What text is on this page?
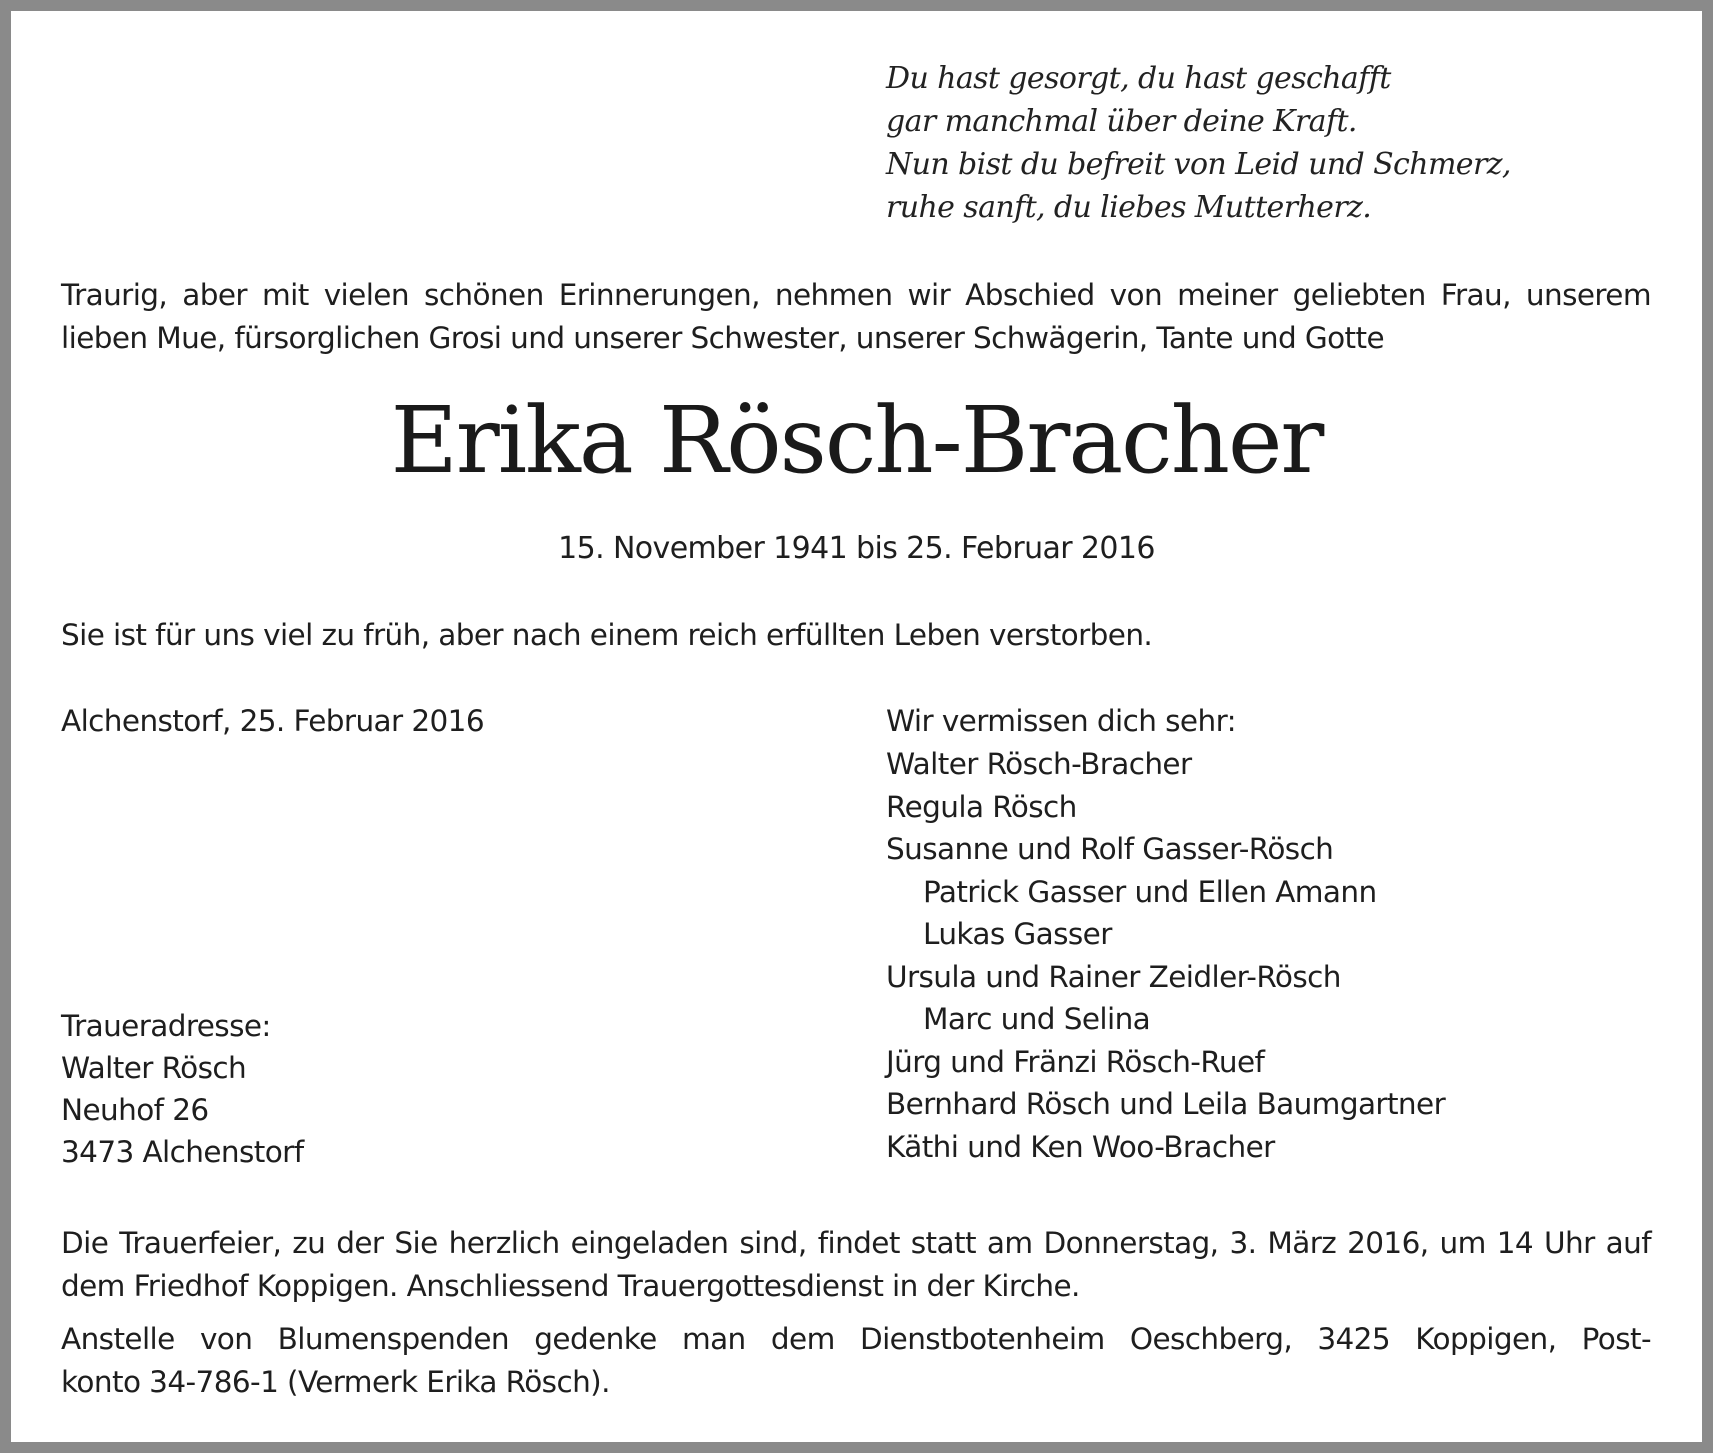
Du hast gesorgt, du hast geschafft
gar manchmal über deine Kraft.
Nun bist du befreit von Leid und Schmerz,
ruhe sanft, du liebes Mutterherz.
Traurig, aber mit vielen schönen Erinnerungen, nehmen wir Abschied von meiner geliebten Frau, unserem
lieben Mue, fürsorglichen Grosi und unserer Schwester, unserer Schwägerin, Tante und Gotte
Erika Rösch-Bracher
15. November 1941 bis 25. Februar 2016
Sie ist für uns viel zu früh, aber nach einem reich erfüllten Leben verstorben.
Alchenstorf, 25. Februar 2016	Wir vermissen dich sehr:
Walter Rösch-Bracher
Regula Rösch
Susanne und Rolf Gasser-Rösch
Patrick Gasser und Ellen Amann
Lukas Gasser
Ursula und Rainer Zeidler-Rösch
Marc und Selina
Jürg und Fränzi Rösch-Ruef
Bernhard Rösch und Leila Baumgartner
Käthi und Ken Woo-Bracher
Traueradresse:
Walter Rösch
Neuhof 26
3473 Alchenstorf
Die Trauerfeier, zu der Sie herzlich eingeladen sind, findet statt am Donnerstag, 3. März 2016, um 14 Uhr auf
dem Friedhof Koppigen. Anschliessend Trauergottesdienst in der Kirche.
Anstelle von Blumenspenden gedenke man dem Dienstbotenheim Oeschberg, 3425 Koppigen, Post-
konto 34-786-1 (Vermerk Erika Rösch).
